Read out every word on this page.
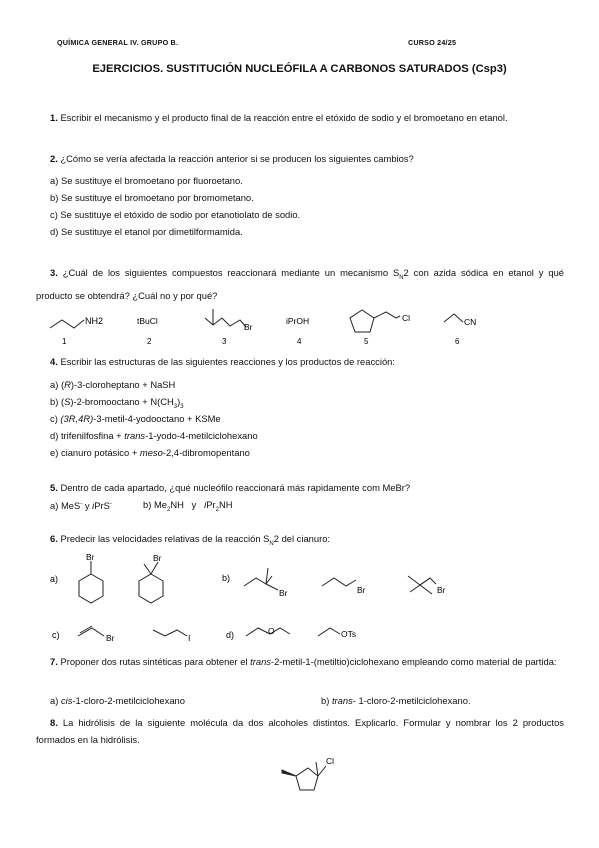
QUÍMICA GENERAL IV. GRUPO B.	CURSO 24/25
EJERCICIOS. SUSTITUCIÓN NUCLEÓFILA A CARBONOS SATURADOS (Csp3)
1. Escribir el mecanismo y el producto final de la reacción entre el etóxido de sodio y el bromoetano en etanol.
2. ¿Cómo se vería afectada la reacción anterior si se producen los siguientes cambios?
a) Se sustituye el bromoetano por fluoroetano.
b) Se sustituye el bromoetano por bromometano.
c) Se sustituye el etóxido de sodio por etanotiolato de sodio.
d) Se sustituye el etanol por dimetilformamida.
3. ¿Cuál de los siguientes compuestos reaccionará mediante un mecanismo $S_N2$ con azida sódica en etanol y qué producto se obtendrá? ¿Cuál no y por qué?
NH2	tBuCl
Br
iPrOH	Cl	CN
1	2	3	4	5	6
4. Escribir las estructuras de las siguientes reacciones y los productos de reacción:
a) (R)-3-cloroheptano + NaSH
b) (S)-2-bromooctano + $N(CH_3)_3$
c) (3R,4R)-3-metil-4-yodooctano + KSMe
d) trifenilfosfina + trans-1-yodo-4-metilciclohexano
e) cianuro potásico + meso-2,4-dibromopentano
5. Dentro de cada apartado, ¿qué nucleófilo reaccionará más rapidamente com MeBr?
a) MeS- y iPrS-	b) $Me_2NH$   y   iPr$_2$NH
6. Predecir las velocidades relativas de la reacción $S_N2$ del cianuro:
a)	b)
c)	d)
Br	Br
Br	Br	Br
Br	I
O	OTs
7. Proponer dos rutas sintéticas para obtener el trans-2-metil-1-(metiltio)ciclohexano empleando como material de partida:
a) cis-1-cloro-2-metilciclohexano	b) trans- 1-cloro-2-metilciclohexano.
8. La hidrólisis de la siguiente molécula da dos alcoholes distintos. Explicarlo. Formular y nombrar los 2 productos formados en la hidrólisis.
Cl
